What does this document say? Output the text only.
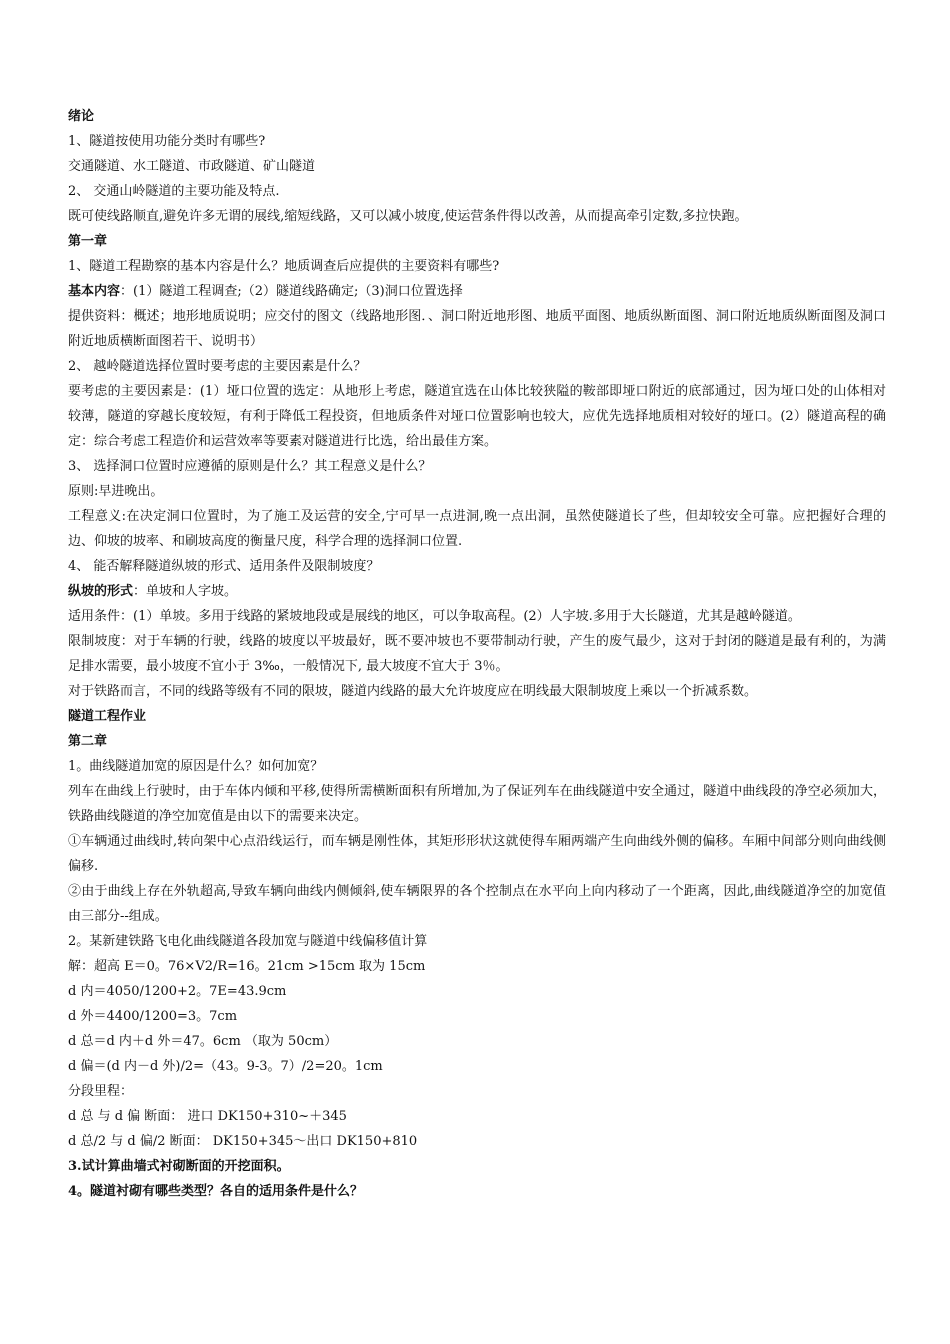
绪论
1、隧道按使用功能分类时有哪些?
交通隧道、水工隧道、市政隧道、矿山隧道
2、 交通山岭隧道的主要功能及特点.
既可使线路顺直,避免许多无谓的展线,缩短线路，又可以减小坡度,使运营条件得以改善，从而提高牵引定数,多拉快跑。
第一章
1、隧道工程勘察的基本内容是什么？地质调查后应提供的主要资料有哪些?
基本内容：(1）隧道工程调查;（2）隧道线路确定;（3)洞口位置选择
提供资料：概述；地形地质说明；应交付的图文（线路地形图．、洞口附近地形图、地质平面图、地质纵断面图、洞口附近地质纵断面图及洞口附近地质横断面图若干、说明书）
2、 越岭隧道选择位置时要考虑的主要因素是什么？
要考虑的主要因素是：(1）垭口位置的选定：从地形上考虑，隧道宜选在山体比较狭隘的鞍部即垭口附近的底部通过，因为垭口处的山体相对较薄，隧道的穿越长度较短，有利于降低工程投资，但地质条件对垭口位置影响也较大，应优先选择地质相对较好的垭口。(2）隧道高程的确定：综合考虑工程造价和运营效率等要素对隧道进行比选，给出最佳方案。
3、 选择洞口位置时应遵循的原则是什么？其工程意义是什么？
原则:早进晚出。
工程意义:在决定洞口位置时，为了施工及运营的安全,宁可早一点进洞,晚一点出洞，虽然使隧道长了些，但却较安全可靠。应把握好合理的边、仰坡的坡率、和刷坡高度的衡量尺度，科学合理的选择洞口位置.
4、 能否解释隧道纵坡的形式、适用条件及限制坡度？
纵坡的形式：单坡和人字坡。
适用条件：(1）单坡。多用于线路的紧坡地段或是展线的地区，可以争取高程。(2）人字坡.多用于大长隧道，尤其是越岭隧道。
限制坡度：对于车辆的行驶，线路的坡度以平坡最好，既不要冲坡也不要带制动行驶，产生的废气最少，这对于封闭的隧道是最有利的，为满足排水需要，最小坡度不宜小于 3‰，一般情况下, 最大坡度不宜大于 3％。
对于铁路而言，不同的线路等级有不同的限坡，隧道内线路的最大允许坡度应在明线最大限制坡度上乘以一个折减系数。
隧道工程作业
第二章
1。曲线隧道加宽的原因是什么？如何加宽？
列车在曲线上行驶时，由于车体内倾和平移,使得所需横断面积有所增加,为了保证列车在曲线隧道中安全通过，隧道中曲线段的净空必须加大，铁路曲线隧道的净空加宽值是由以下的需要来决定。
①车辆通过曲线时,转向架中心点沿线运行，而车辆是刚性体，其矩形形状这就使得车厢两端产生向曲线外侧的偏移。车厢中间部分则向曲线侧偏移.
②由于曲线上存在外轨超高,导致车辆向曲线内侧倾斜,使车辆限界的各个控制点在水平向上向内移动了一个距离，因此,曲线隧道净空的加宽值由三部分--组成。
2。某新建铁路飞电化曲线隧道各段加宽与隧道中线偏移值计算
解：超高 E＝0。76×V2/R=16。21cm >15cm 取为 15cm
d 内＝4050/1200+2。7E=43.9cm
d 外＝4400/1200=3。7cm
d 总＝d 内＋d 外＝47。6cm （取为 50cm）
d 偏＝(d 内－d 外)/2=（43。9-3。7）/2=20。1cm
分段里程：
d 总 与 d 偏 断面： 进口 DK150+310~＋345
d 总/2 与 d 偏/2 断面： DK150+345～出口 DK150+810
3.试计算曲墙式衬砌断面的开挖面积。
4。隧道衬砌有哪些类型？各自的适用条件是什么？
